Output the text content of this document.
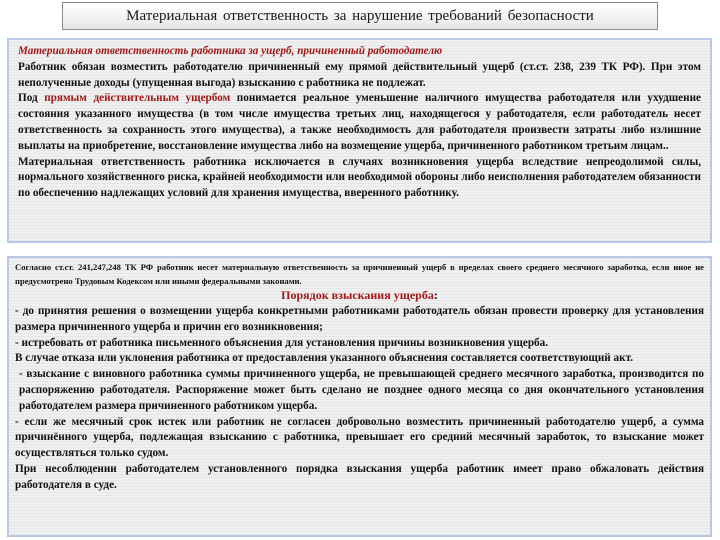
Материальная ответственность за нарушение требований безопасности

Материальная ответственность работника за ущерб, причиненный работодателю

Работник обязан возместить работодателю причиненный ему прямой действительный ущерб (ст.ст. 238, 239 ТК РФ). При этом неполученные доходы (упущенная выгода) взысканию с работника не подлежат.

Под прямым действительным ущербом понимается реальное уменьшение наличного имущества работодателя или ухудшение состояния указанного имущества (в том числе имущества третьих лиц, находящегося у работодателя, если работодатель несет ответственность за сохранность этого имущества), а также необходимость для работодателя произвести затраты либо излишние выплаты на приобретение, восстановление имущества либо на возмещение ущерба, причиненного работником третьим лицам..

Материальная ответственность работника исключается в случаях возникновения ущерба вследствие непреодолимой силы, нормального хозяйственного риска, крайней необходимости или необходимой обороны либо неисполнения работодателем обязанности по обеспечению надлежащих условий для хранения имущества, вверенного работнику.

Согласно ст.ст. 241,247,248 ТК РФ работник несет материальную ответственность за причиненный ущерб в пределах своего среднего месячного заработка, если иное не предусмотрено Трудовым Кодексом или иными федеральными законами.

Порядок взыскания ущерба:

- до принятия решения о возмещении ущерба конкретными работниками работодатель обязан провести проверку для установления размера причиненного ущерба и причин его возникновения;

- истребовать от работника письменного объяснения для установления причины возникновения ущерба.

В случае отказа или уклонения работника от предоставления указанного объяснения составляется соответствующий акт.

- взыскание с виновного работника суммы причиненного ущерба, не превышающей среднего месячного заработка, производится по распоряжению работодателя. Распоряжение может быть сделано не позднее одного месяца со дня окончательного установления работодателем размера причиненного работником ущерба.

- если же месячный срок истек или работник не согласен добровольно возместить причиненный работодателю ущерб, а сумма причинённого ущерба, подлежащая взысканию с работника, превышает его средний месячный заработок, то взыскание может осуществляться только судом.

При несоблюдении работодателем установленного порядка взыскания ущерба работник имеет право обжаловать действия работодателя в суде.
